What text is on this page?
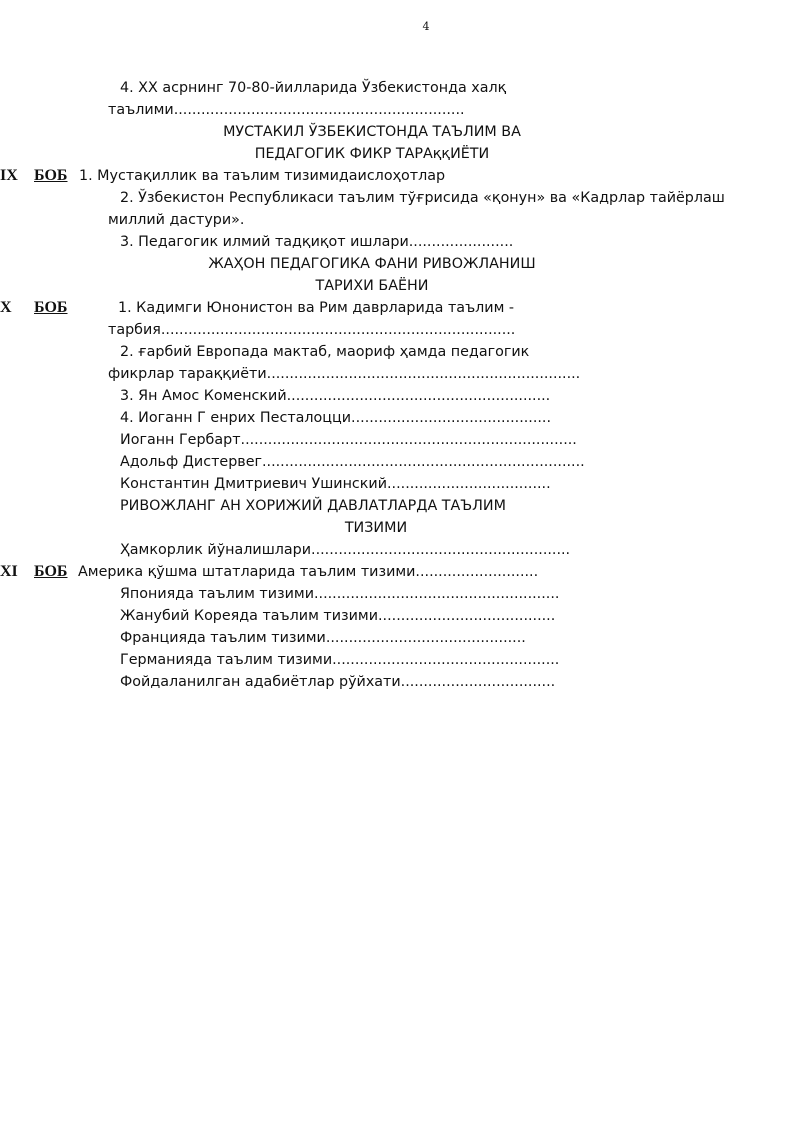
4
4. ХХ асрнинг 70-80-йилларида Ўзбекистонда халқ
таълими................................................................
МУСТАКИЛ ЎЗБЕКИСТОНДА ТАЪЛИМ ВА
ПЕДАГОГИК ФИКР ТАРАққИЁТИ
IX БОБ 1. Мустақиллик ва таълим тизимидаислоҳотлар
2. Ўзбекистон Республикаси таълим тўғрисида «қонун» ва «Кадрлар тайёрлаш
миллий дастури».
3. Педагогик илмий тадқиқот ишлари.......................
ЖАҲОН ПЕДАГОГИКА ФАНИ РИВОЖЛАНИШ
ТАРИХИ БАЁНИ
X БОБ	1. Кадимги Юнонистон ва Рим даврларида таълим -
тарбия..............................................................................
2. ғарбий Европада мактаб, маориф ҳамда педагогик
фикрлар тараққиёти.....................................................................
3. Ян Амос Коменский..........................................................
4. Иоганн Г енрих Песталоцци............................................
Иоганн Гербарт..........................................................................
Адольф Дистервег.......................................................................
Константин Дмитриевич Ушинский....................................
РИВОЖЛАНГ АН ХОРИЖИЙ ДАВЛАТЛАРДА ТАЪЛИМ
ТИЗИМИ
Ҳамкорлик йўналишлари.........................................................
XI БОБ Америка қўшма штатларида таълим тизими...........................
Японияда таълим тизими......................................................
Жанубий Кореяда таълим тизими.......................................
Францияда таълим тизими............................................
Германияда таълим тизими..................................................
Фойдаланилган адабиётлар рўйхати..................................
